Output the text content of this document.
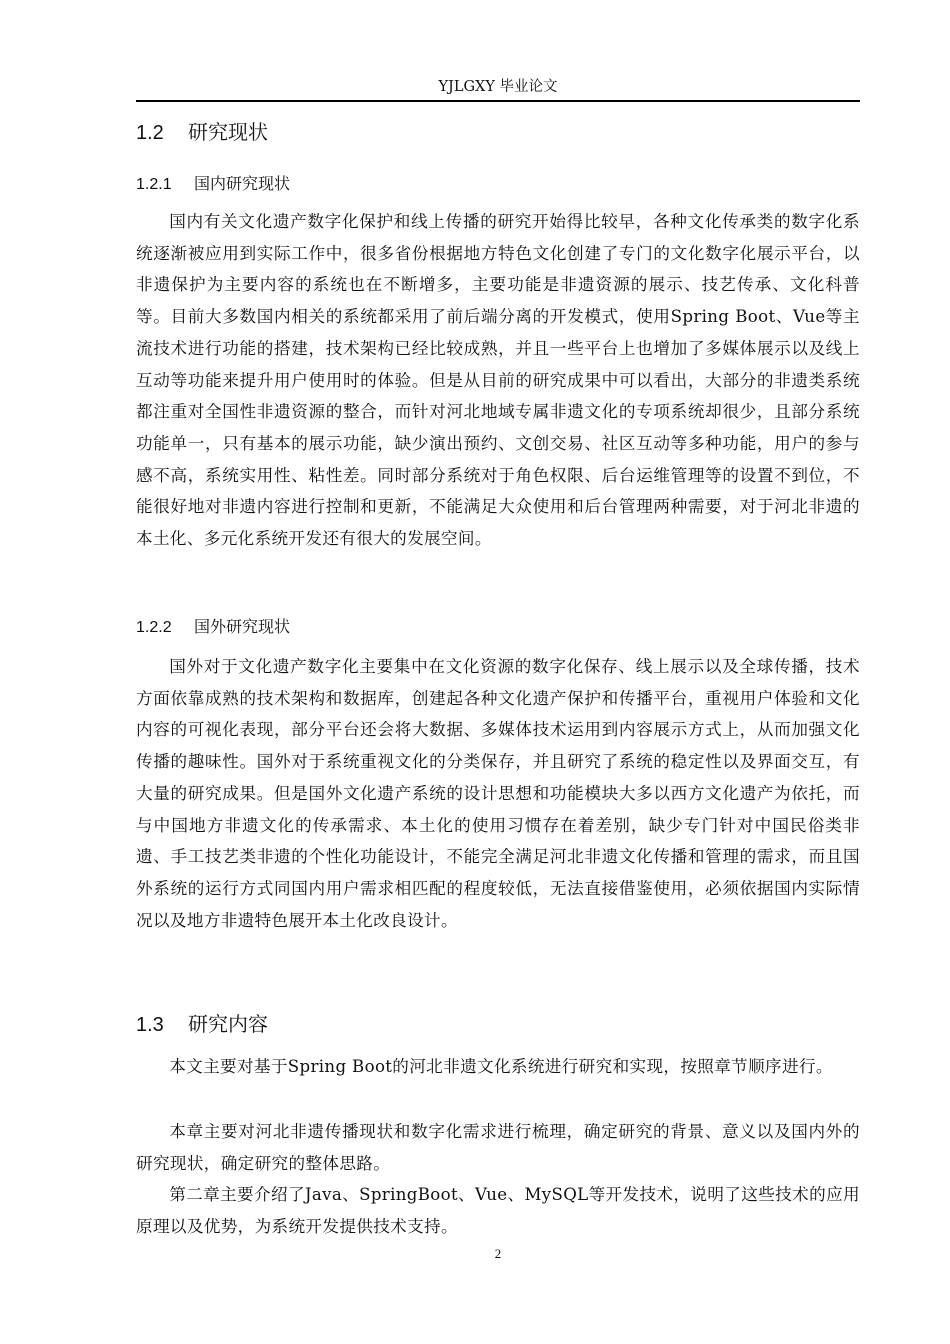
YJLGXY 毕业论文
1.2 研究现状
1.2.1 国内研究现状

国内有关文化遗产数字化保护和线上传播的研究开始得比较早，各种文化传承类的数字化系统逐渐被应用到实际工作中，很多省份根据地方特色文化创建了专门的文化数字化展示平台，以非遗保护为主要内容的系统也在不断增多，主要功能是非遗资源的展示、技艺传承、文化科普等。目前大多数国内相关的系统都采用了前后端分离的开发模式，使用Spring Boot、Vue等主流技术进行功能的搭建，技术架构已经比较成熟，并且一些平台上也增加了多媒体展示以及线上互动等功能来提升用户使用时的体验。但是从目前的研究成果中可以看出，大部分的非遗类系统都注重对全国性非遗资源的整合，而针对河北地域专属非遗文化的专项系统却很少，且部分系统功能单一，只有基本的展示功能，缺少演出预约、文创交易、社区互动等多种功能，用户的参与感不高，系统实用性、粘性差。同时部分系统对于角色权限、后台运维管理等的设置不到位，不能很好地对非遗内容进行控制和更新，不能满足大众使用和后台管理两种需要，对于河北非遗的本土化、多元化系统开发还有很大的发展空间。

1.2.2 国外研究现状

国外对于文化遗产数字化主要集中在文化资源的数字化保存、线上展示以及全球传播，技术方面依靠成熟的技术架构和数据库，创建起各种文化遗产保护和传播平台，重视用户体验和文化内容的可视化表现，部分平台还会将大数据、多媒体技术运用到内容展示方式上，从而加强文化传播的趣味性。国外对于系统重视文化的分类保存，并且研究了系统的稳定性以及界面交互，有大量的研究成果。但是国外文化遗产系统的设计思想和功能模块大多以西方文化遗产为依托，而与中国地方非遗文化的传承需求、本土化的使用习惯存在着差别，缺少专门针对中国民俗类非遗、手工技艺类非遗的个性化功能设计，不能完全满足河北非遗文化传播和管理的需求，而且国外系统的运行方式同国内用户需求相匹配的程度较低，无法直接借鉴使用，必须依据国内实际情况以及地方非遗特色展开本土化改良设计。

1.3 研究内容

本文主要对基于Spring Boot的河北非遗文化系统进行研究和实现，按照章节顺序进行。

本章主要对河北非遗传播现状和数字化需求进行梳理，确定研究的背景、意义以及国内外的研究现状，确定研究的整体思路。

第二章主要介绍了Java、SpringBoot、Vue、MySQL等开发技术，说明了这些技术的应用原理以及优势，为系统开发提供技术支持。

2
